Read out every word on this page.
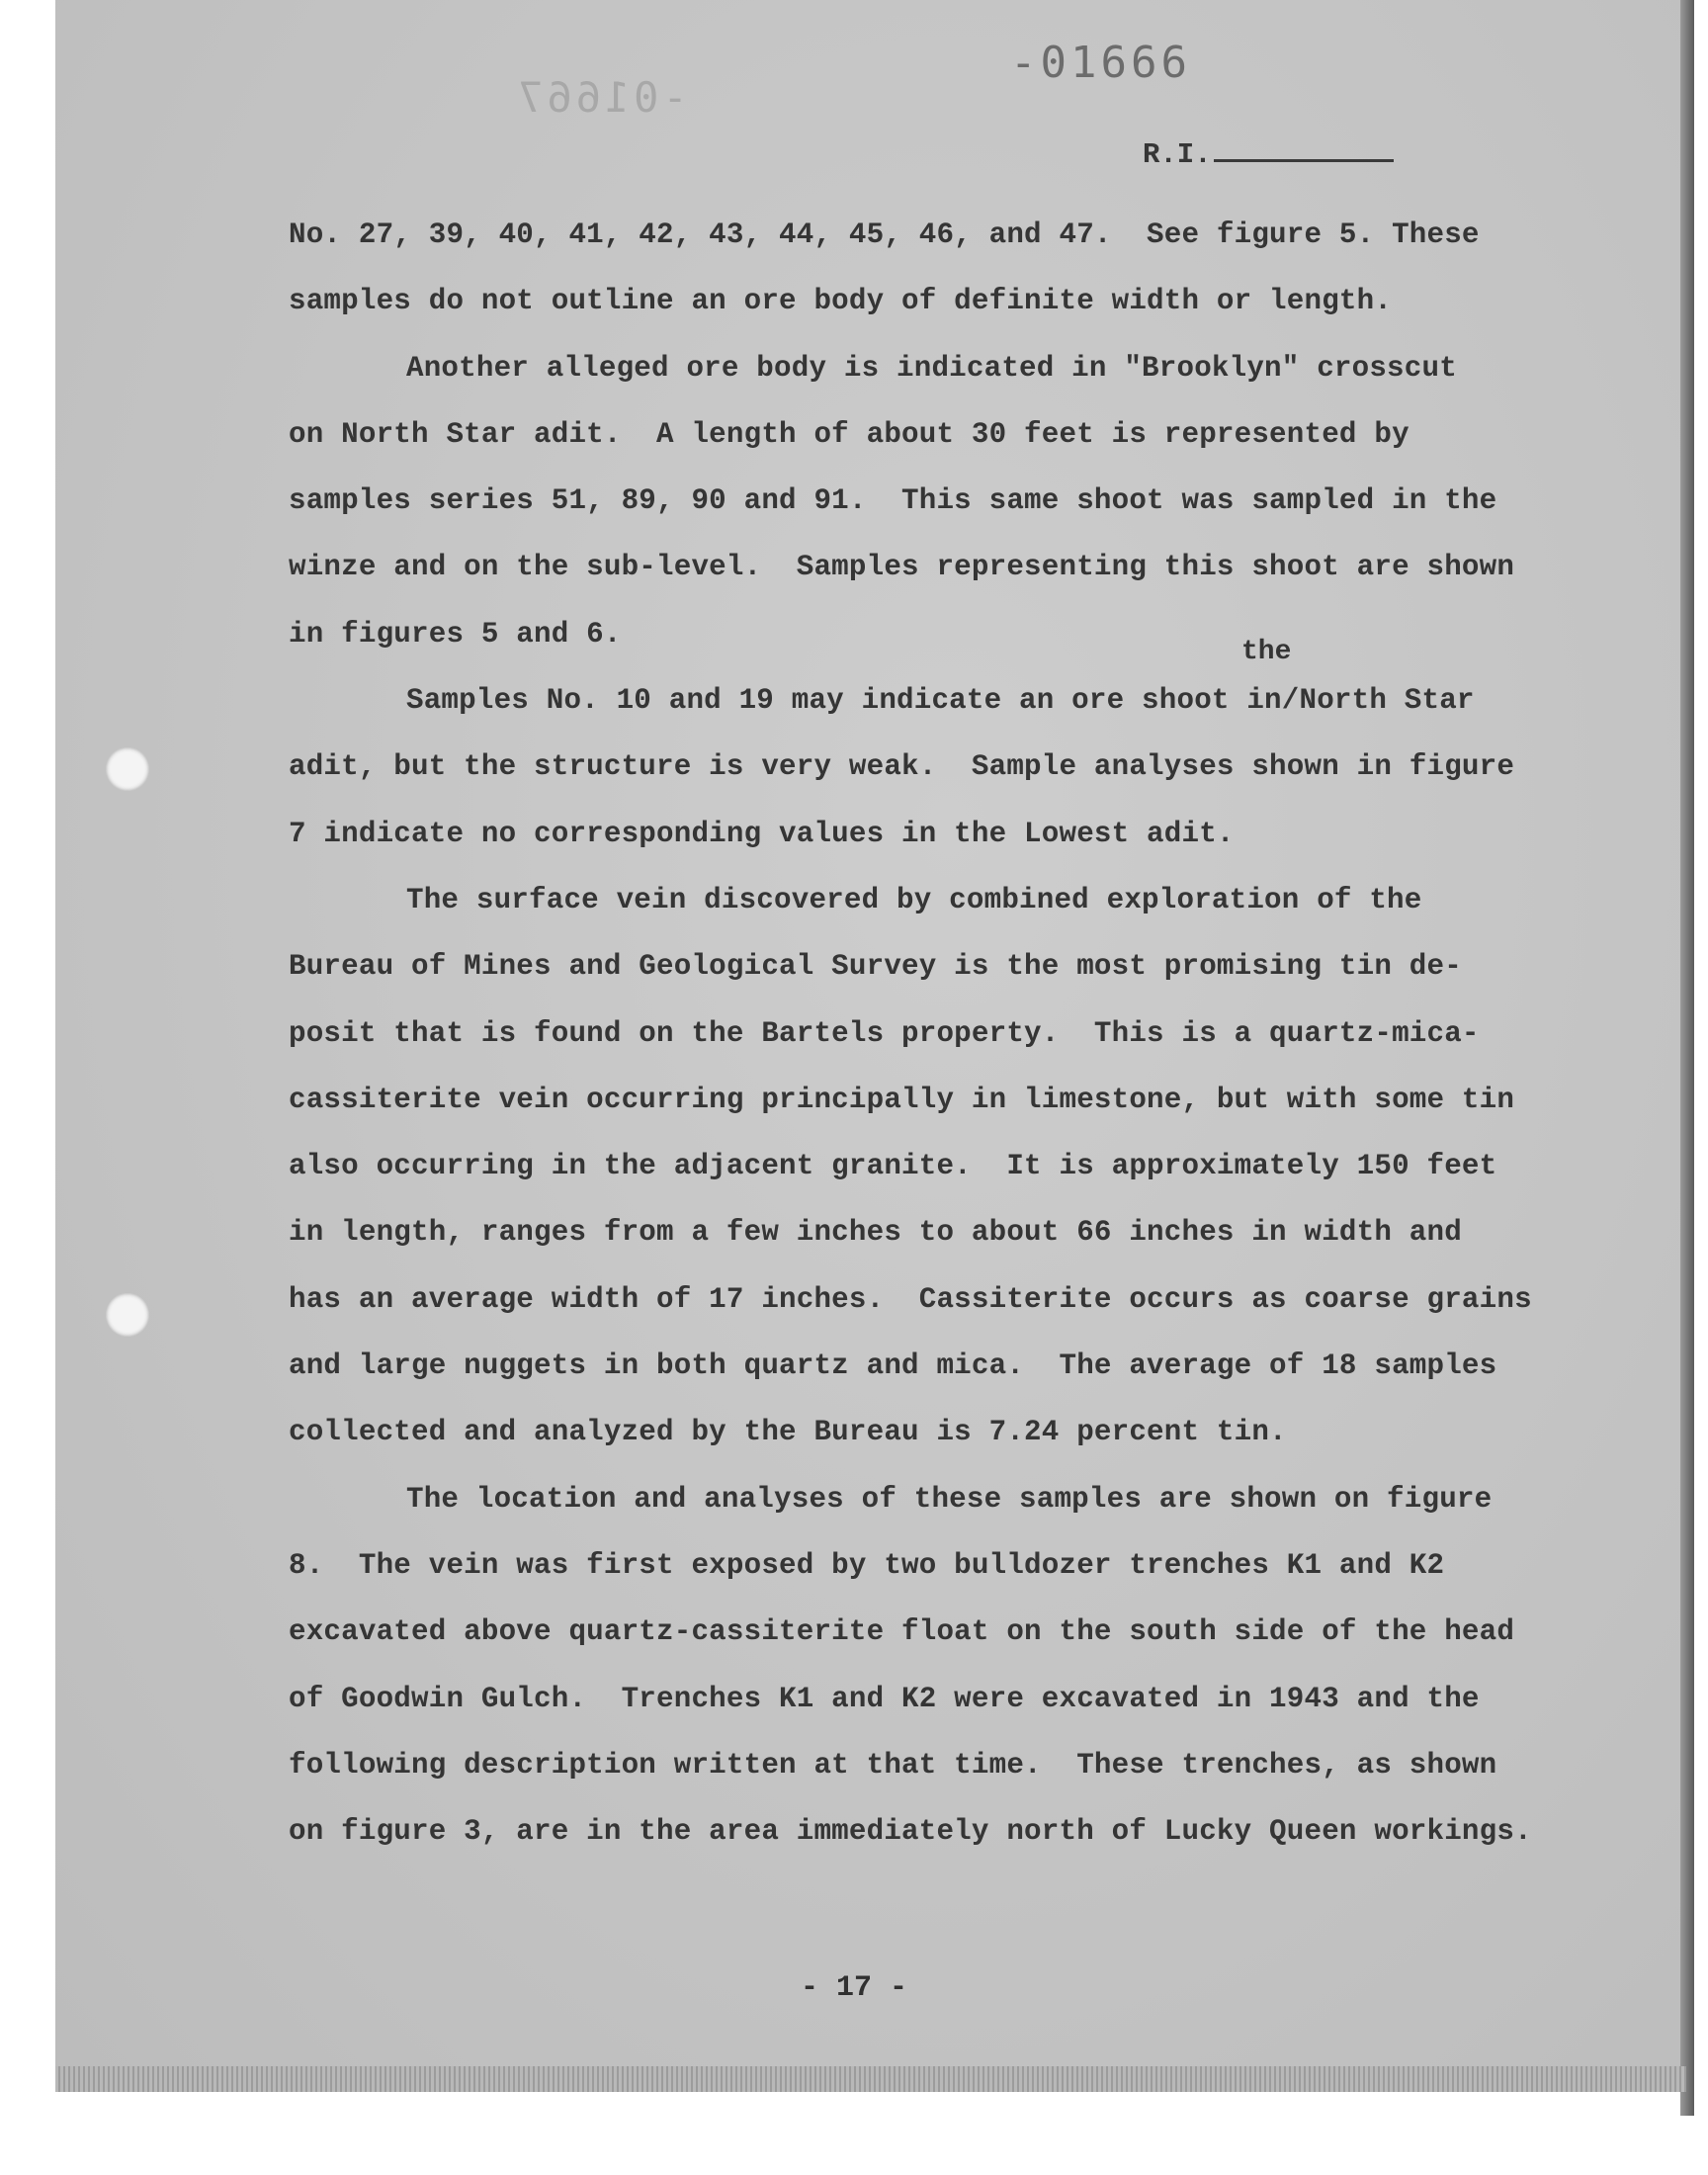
-01666
-01667
R.I.
the
No. 27, 39, 40, 41, 42, 43, 44, 45, 46, and 47.  See figure 5. These
samples do not outline an ore body of definite width or length.
Another alleged ore body is indicated in "Brooklyn" crosscut
on North Star adit.  A length of about 30 feet is represented by
samples series 51, 89, 90 and 91.  This same shoot was sampled in the
winze and on the sub-level.  Samples representing this shoot are shown
in figures 5 and 6.
Samples No. 10 and 19 may indicate an ore shoot in/North Star
adit, but the structure is very weak.  Sample analyses shown in figure
7 indicate no corresponding values in the Lowest adit.
The surface vein discovered by combined exploration of the
Bureau of Mines and Geological Survey is the most promising tin de-
posit that is found on the Bartels property.  This is a quartz-mica-
cassiterite vein occurring principally in limestone, but with some tin
also occurring in the adjacent granite.  It is approximately 150 feet
in length, ranges from a few inches to about 66 inches in width and
has an average width of 17 inches.  Cassiterite occurs as coarse grains
and large nuggets in both quartz and mica.  The average of 18 samples
collected and analyzed by the Bureau is 7.24 percent tin.
The location and analyses of these samples are shown on figure
8.  The vein was first exposed by two bulldozer trenches K1 and K2
excavated above quartz-cassiterite float on the south side of the head
of Goodwin Gulch.  Trenches K1 and K2 were excavated in 1943 and the
following description written at that time.  These trenches, as shown
on figure 3, are in the area immediately north of Lucky Queen workings.
- 17 -
